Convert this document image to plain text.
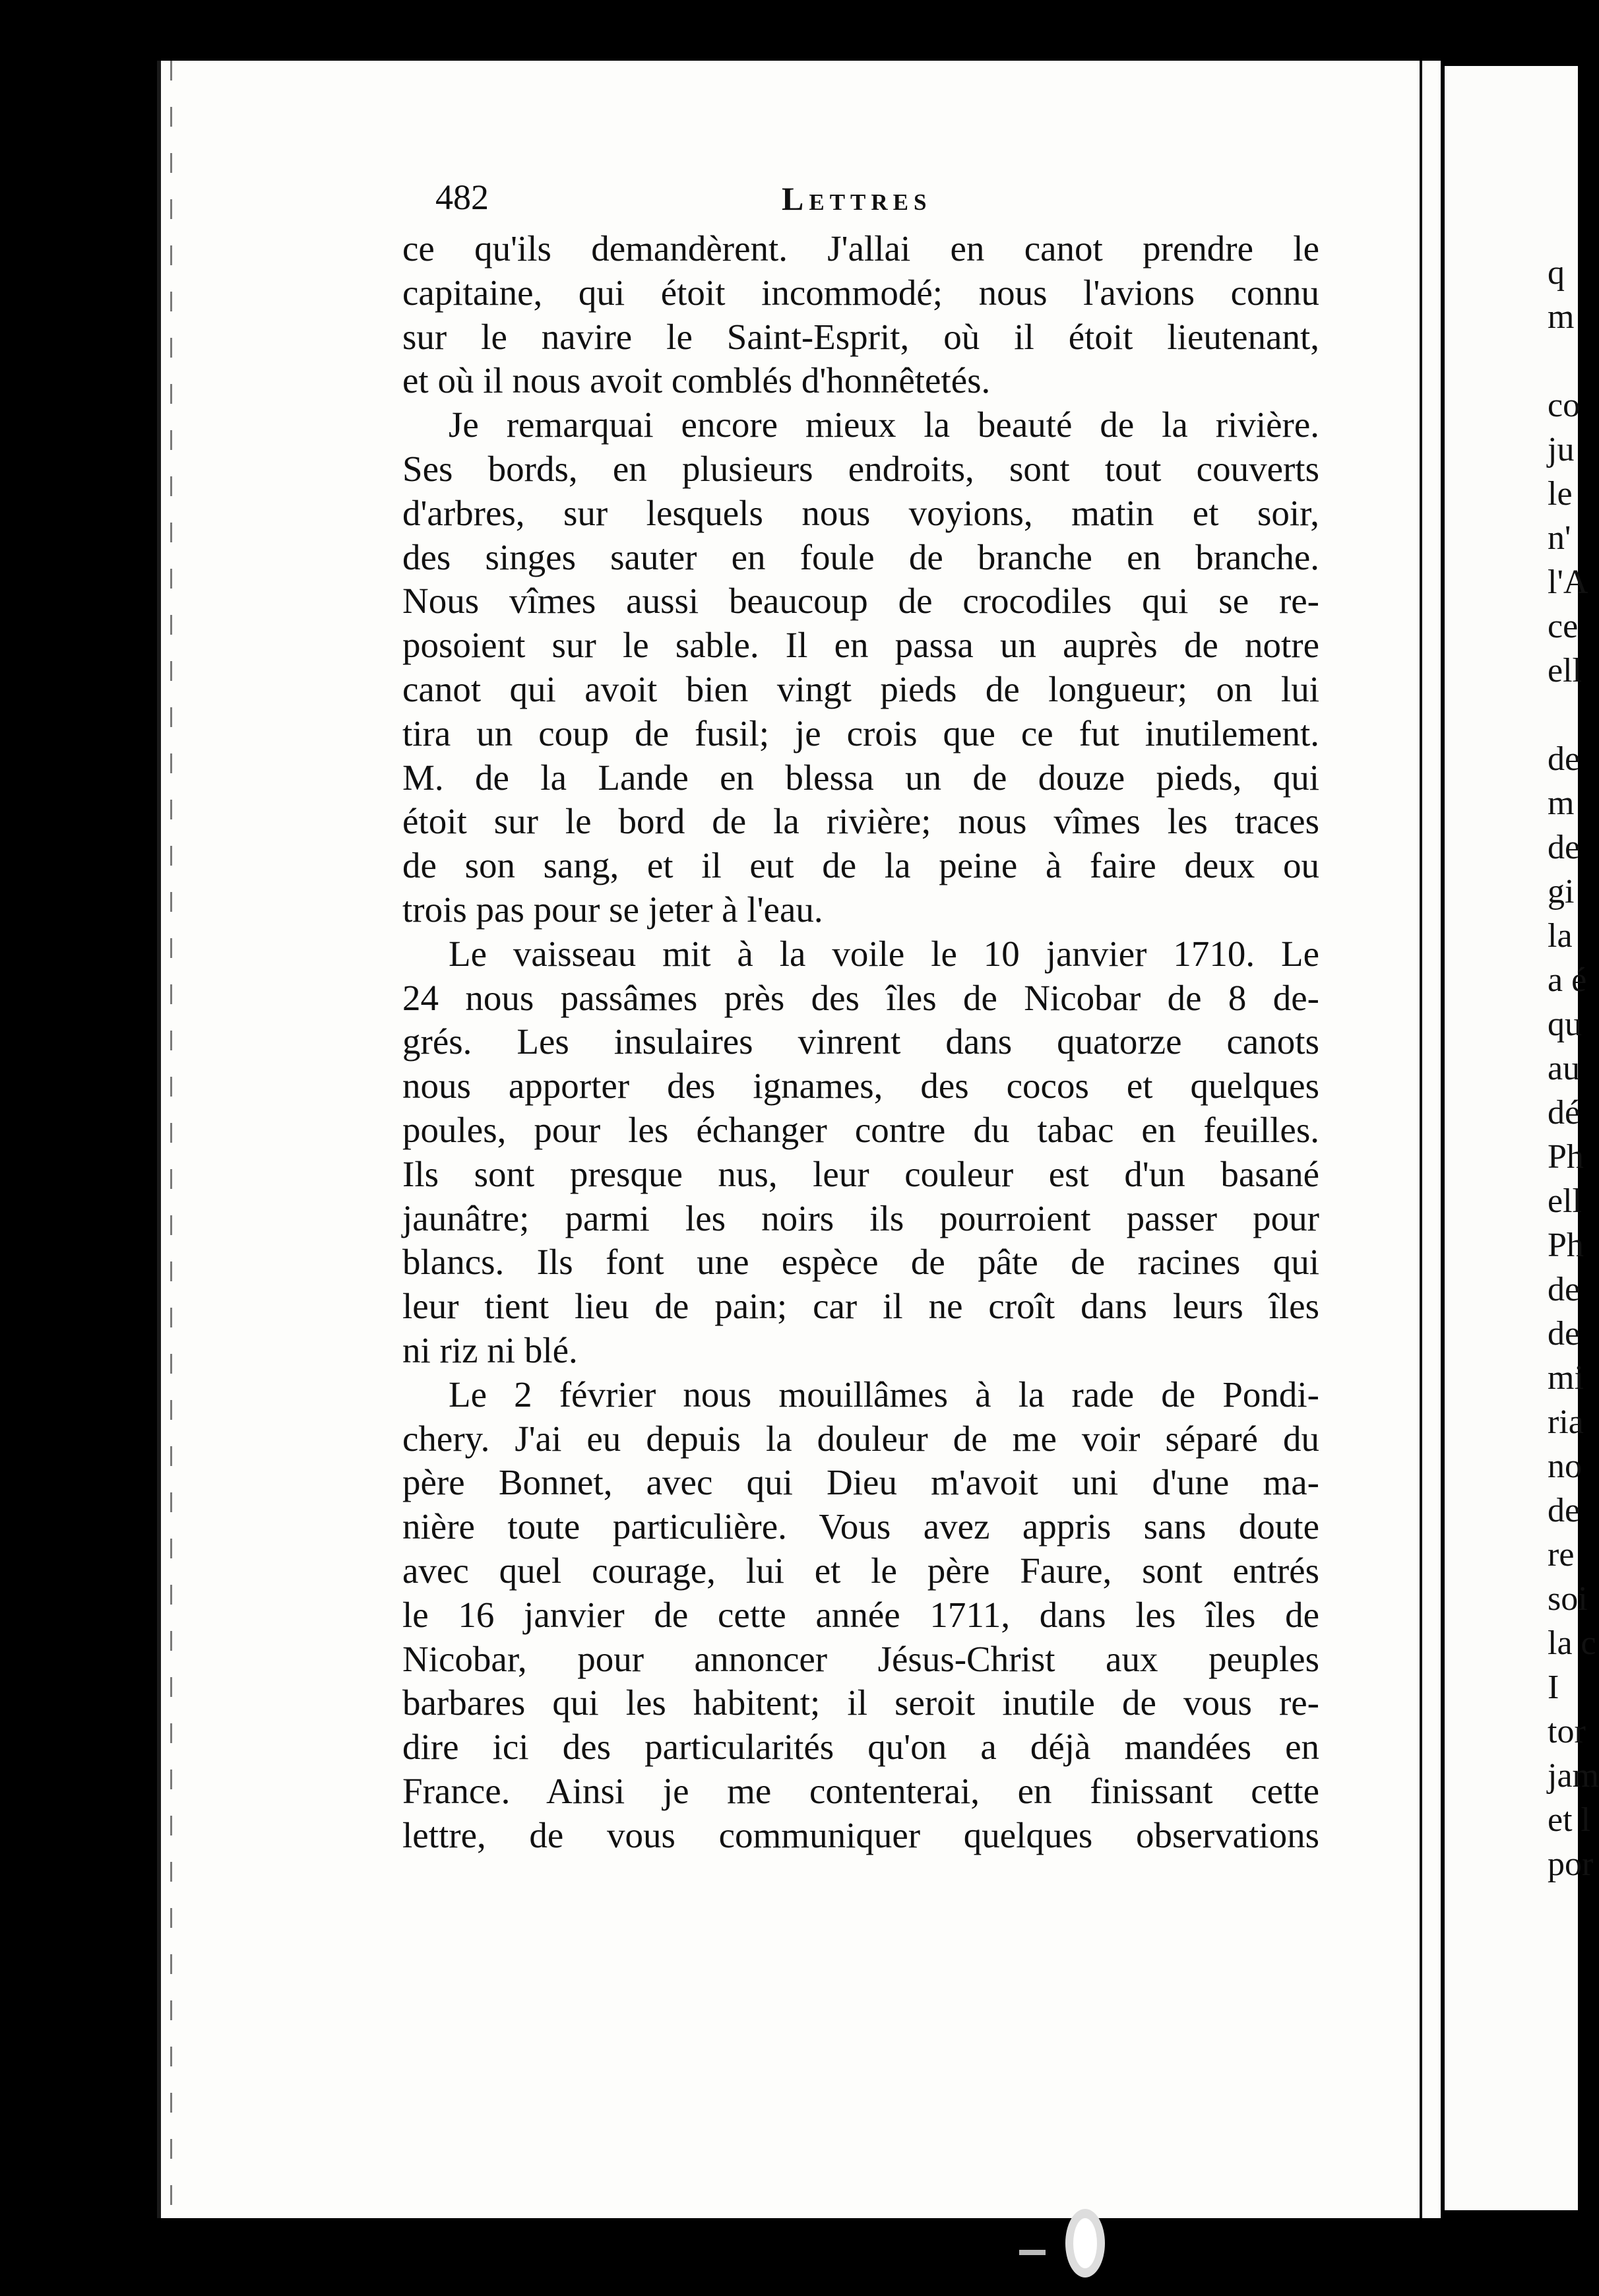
482	Lettres
ce qu'ils demandèrent. J'allai en canot prendre le
capitaine, qui étoit incommodé; nous l'avions connu
sur le navire le Saint-Esprit, où il étoit lieutenant,
et où il nous avoit comblés d'honnêtetés.
Je remarquai encore mieux la beauté de la rivière.
Ses bords, en plusieurs endroits, sont tout couverts
d'arbres, sur lesquels nous voyions, matin et soir,
des singes sauter en foule de branche en branche.
Nous vîmes aussi beaucoup de crocodiles qui se re-
posoient sur le sable. Il en passa un auprès de notre
canot qui avoit bien vingt pieds de longueur; on lui
tira un coup de fusil; je crois que ce fut inutilement.
M. de la Lande en blessa un de douze pieds, qui
étoit sur le bord de la rivière; nous vîmes les traces
de son sang, et il eut de la peine à faire deux ou
trois pas pour se jeter à l'eau.
Le vaisseau mit à la voile le 10 janvier 1710. Le
24 nous passâmes près des îles de Nicobar de 8 de-
grés. Les insulaires vinrent dans quatorze canots
nous apporter des ignames, des cocos et quelques
poules, pour les échanger contre du tabac en feuilles.
Ils sont presque nus, leur couleur est d'un basané
jaunâtre; parmi les noirs ils pourroient passer pour
blancs. Ils font une espèce de pâte de racines qui
leur tient lieu de pain; car il ne croît dans leurs îles
ni riz ni blé.
Le 2 février nous mouillâmes à la rade de Pondi-
chery. J'ai eu depuis la douleur de me voir séparé du
père Bonnet, avec qui Dieu m'avoit uni d'une ma-
nière toute particulière. Vous avez appris sans doute
avec quel courage, lui et le père Faure, sont entrés
le 16 janvier de cette année 1711, dans les îles de
Nicobar, pour annoncer Jésus-Christ aux peuples
barbares qui les habitent; il seroit inutile de vous re-
dire ici des particularités qu'on a déjà mandées en
France. Ainsi je me contenterai, en finissant cette
lettre, de vous communiquer quelques observations
q
m
co
ju
le
n'
l'A
ce
ell
de
m
de
gi
la
a é
qu
au
dé
Ph
ell
Ph
de
de
mi
ria
no
de
re
soi
la c
I
tor
jam
et l
por
